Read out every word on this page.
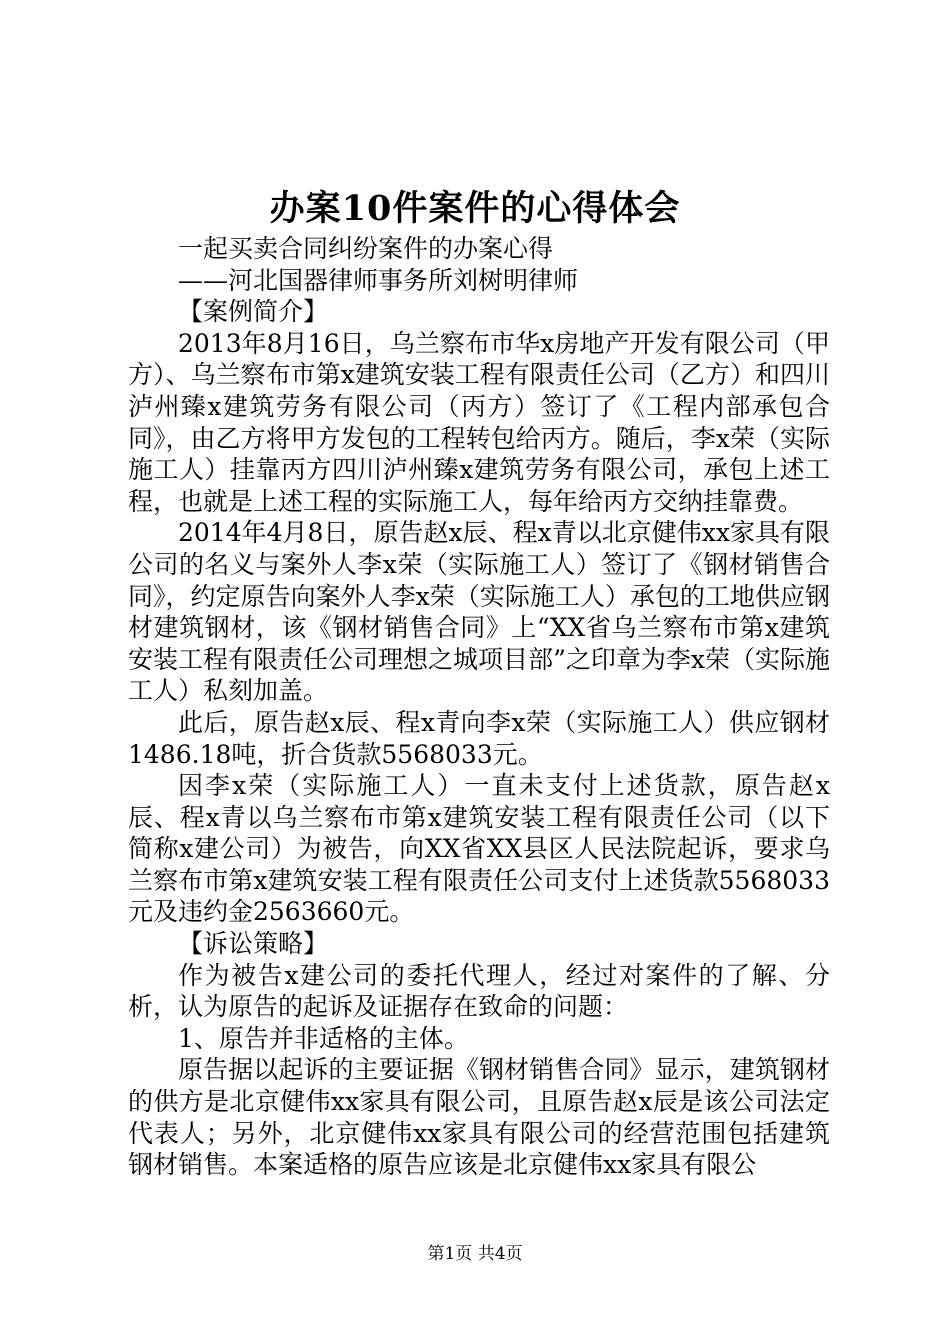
办案10件案件的心得体会

一起买卖合同纠纷案件的办案心得

——河北国器律师事务所刘树明律师

【案例简介】

2013年8月16日，乌兰察布市华x房地产开发有限公司（甲方）、乌兰察布市第x建筑安装工程有限责任公司（乙方）和四川泸州臻x建筑劳务有限公司（丙方）签订了《工程内部承包合同》，由乙方将甲方发包的工程转包给丙方。随后，李x荣（实际施工人）挂靠丙方四川泸州臻x建筑劳务有限公司，承包上述工程，也就是上述工程的实际施工人，每年给丙方交纳挂靠费。

2014年4月8日，原告赵x辰、程x青以北京健伟xx家具有限公司的名义与案外人李x荣（实际施工人）签订了《钢材销售合同》，约定原告向案外人李x荣（实际施工人）承包的工地供应钢材建筑钢材，该《钢材销售合同》上“XX省乌兰察布市第x建筑安装工程有限责任公司理想之城项目部”之印章为李x荣（实际施工人）私刻加盖。

此后，原告赵x辰、程x青向李x荣（实际施工人）供应钢材1486.18吨，折合货款5568033元。

因李x荣（实际施工人）一直未支付上述货款，原告赵x辰、程x青以乌兰察布市第x建筑安装工程有限责任公司（以下简称x建公司）为被告，向XX省XX县区人民法院起诉，要求乌兰察布市第x建筑安装工程有限责任公司支付上述货款5568033元及违约金2563660元。

【诉讼策略】

作为被告x建公司的委托代理人，经过对案件的了解、分析，认为原告的起诉及证据存在致命的问题：

1、原告并非适格的主体。

原告据以起诉的主要证据《钢材销售合同》显示，建筑钢材的供方是北京健伟xx家具有限公司，且原告赵x辰是该公司法定代表人；另外，北京健伟xx家具有限公司的经营范围包括建筑钢材销售。本案适格的原告应该是北京健伟xx家具有限公

第1页 共4页
